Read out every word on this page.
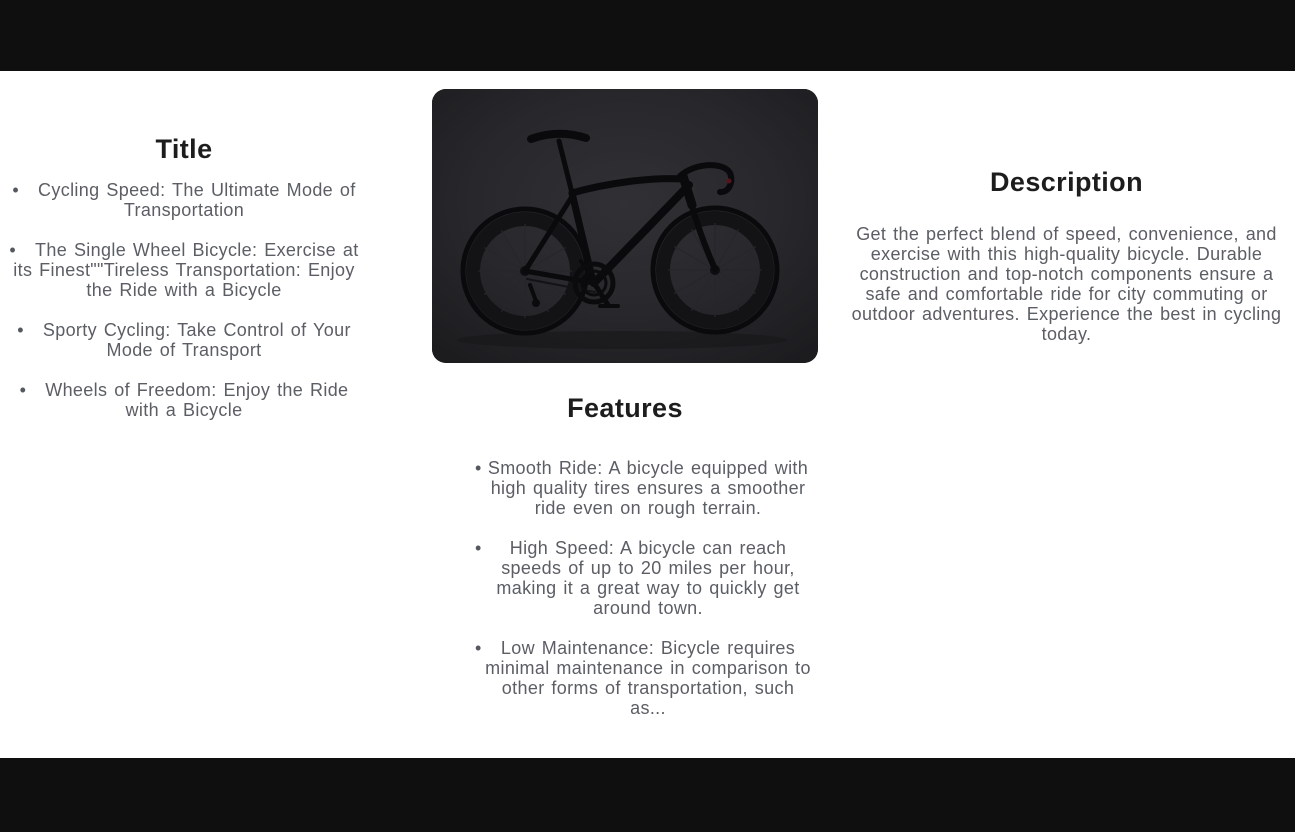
Title
• Cycling Speed: The Ultimate Mode of Transportation
• The Single Wheel Bicycle: Exercise at its Finest""Tireless Transportation: Enjoy the Ride with a Bicycle
• Sporty Cycling: Take Control of Your Mode of Transport
• Wheels of Freedom: Enjoy the Ride with a Bicycle	Features
• Smooth Ride: A bicycle equipped with high quality tires ensures a smoother ride even on rough terrain.
• High Speed: A bicycle can reach speeds of up to 20 miles per hour, making it a great way to quickly get around town.
• Low Maintenance: Bicycle requires minimal maintenance in comparison to other forms of transportation, such as...
Description

Get the perfect blend of speed, convenience, and exercise with this high-quality bicycle. Durable construction and top-notch components ensure a safe and comfortable ride for city commuting or outdoor adventures. Experience the best in cycling today.
